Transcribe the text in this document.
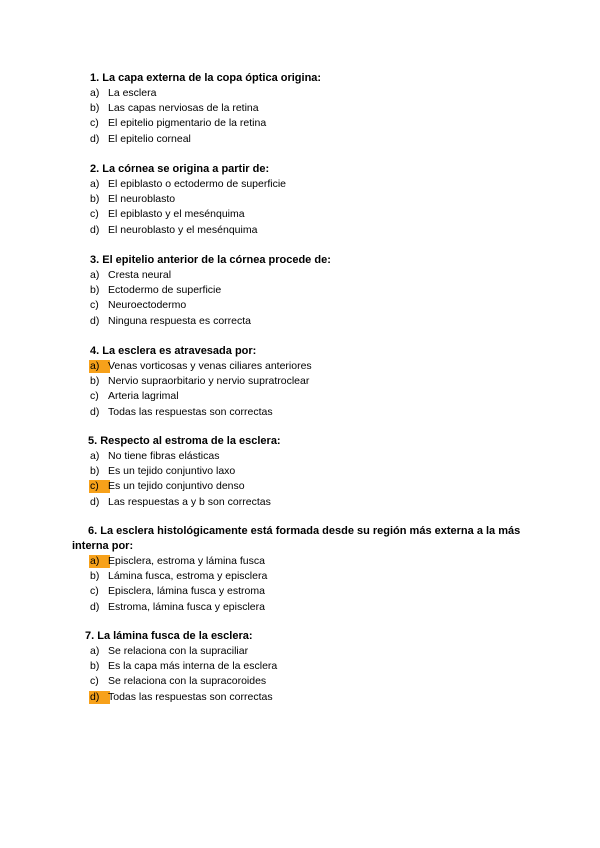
1. La capa externa de la copa óptica origina:

a) La esclera
b) Las capas nerviosas de la retina
c) El epitelio pigmentario de la retina
d) El epitelio corneal

2. La córnea se origina a partir de:

a) El epiblasto o ectodermo de superficie
b) El neuroblasto
c) El epiblasto y el mesénquima
d) El neuroblasto y el mesénquima

3. El epitelio anterior de la córnea procede de:

a) Cresta neural
b) Ectodermo de superficie
c) Neuroectodermo
d) Ninguna respuesta es correcta

4. La esclera es atravesada por:

a) Venas vorticosas y venas ciliares anteriores
b) Nervio supraorbitario y nervio supratroclear
c) Arteria lagrimal
d) Todas las respuestas son correctas

5. Respecto al estroma de la esclera:

a) No tiene fibras elásticas
b) Es un tejido conjuntivo laxo
c) Es un tejido conjuntivo denso
d) Las respuestas a y b son correctas

6. La esclera histológicamente está formada desde su región más externa a la más interna por:

a) Episclera, estroma y lámina fusca
b) Lámina fusca, estroma y episclera
c) Episclera, lámina fusca y estroma
d) Estroma, lámina fusca y episclera

7. La lámina fusca de la esclera:

a) Se relaciona con la supraciliar
b) Es la capa más interna de la esclera
c) Se relaciona con la supracoroides
d) Todas las respuestas son correctas
